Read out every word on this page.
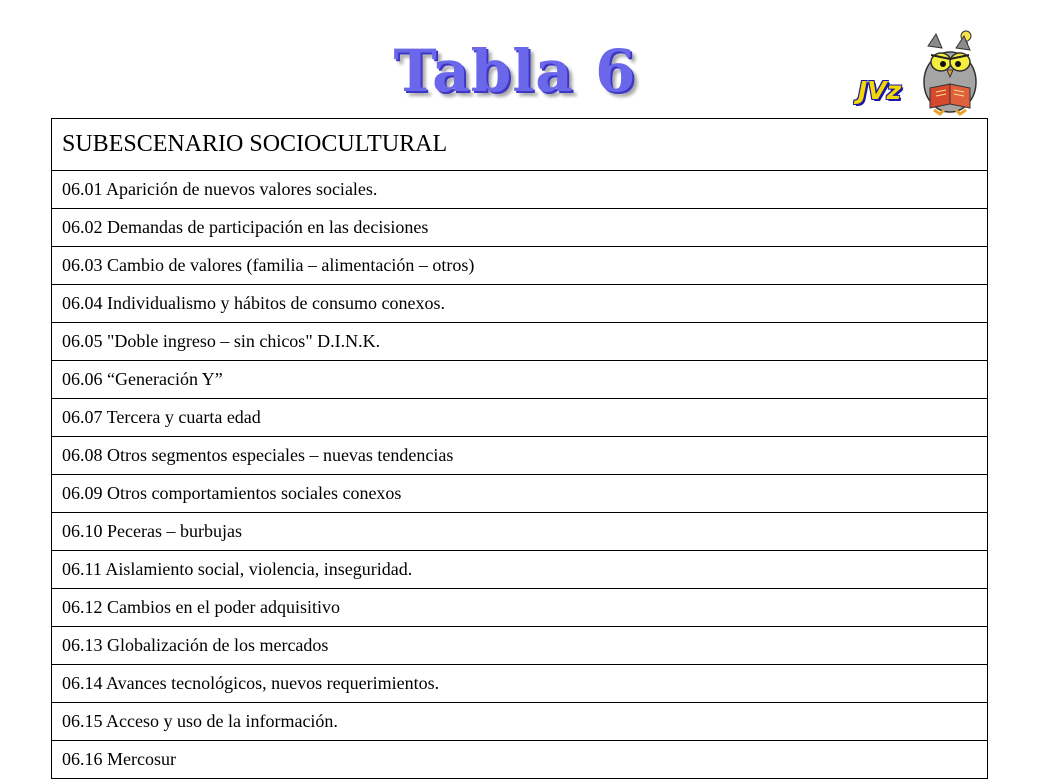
Tabla 6	JVz
SUBESCENARIO SOCIOCULTURAL
06.01 Aparición de nuevos valores sociales.
06.02 Demandas de participación en las decisiones
06.03 Cambio de valores (familia – alimentación – otros)
06.04 Individualismo y hábitos de consumo conexos.
06.05 "Doble ingreso – sin chicos" D.I.N.K.
06.06 “Generación Y”
06.07 Tercera y cuarta edad
06.08 Otros segmentos especiales – nuevas tendencias
06.09 Otros comportamientos sociales conexos
06.10 Peceras – burbujas
06.11 Aislamiento social, violencia, inseguridad.
06.12 Cambios en el poder adquisitivo
06.13 Globalización de los mercados
06.14 Avances tecnológicos, nuevos requerimientos.
06.15 Acceso y uso de la información.
06.16 Mercosur
